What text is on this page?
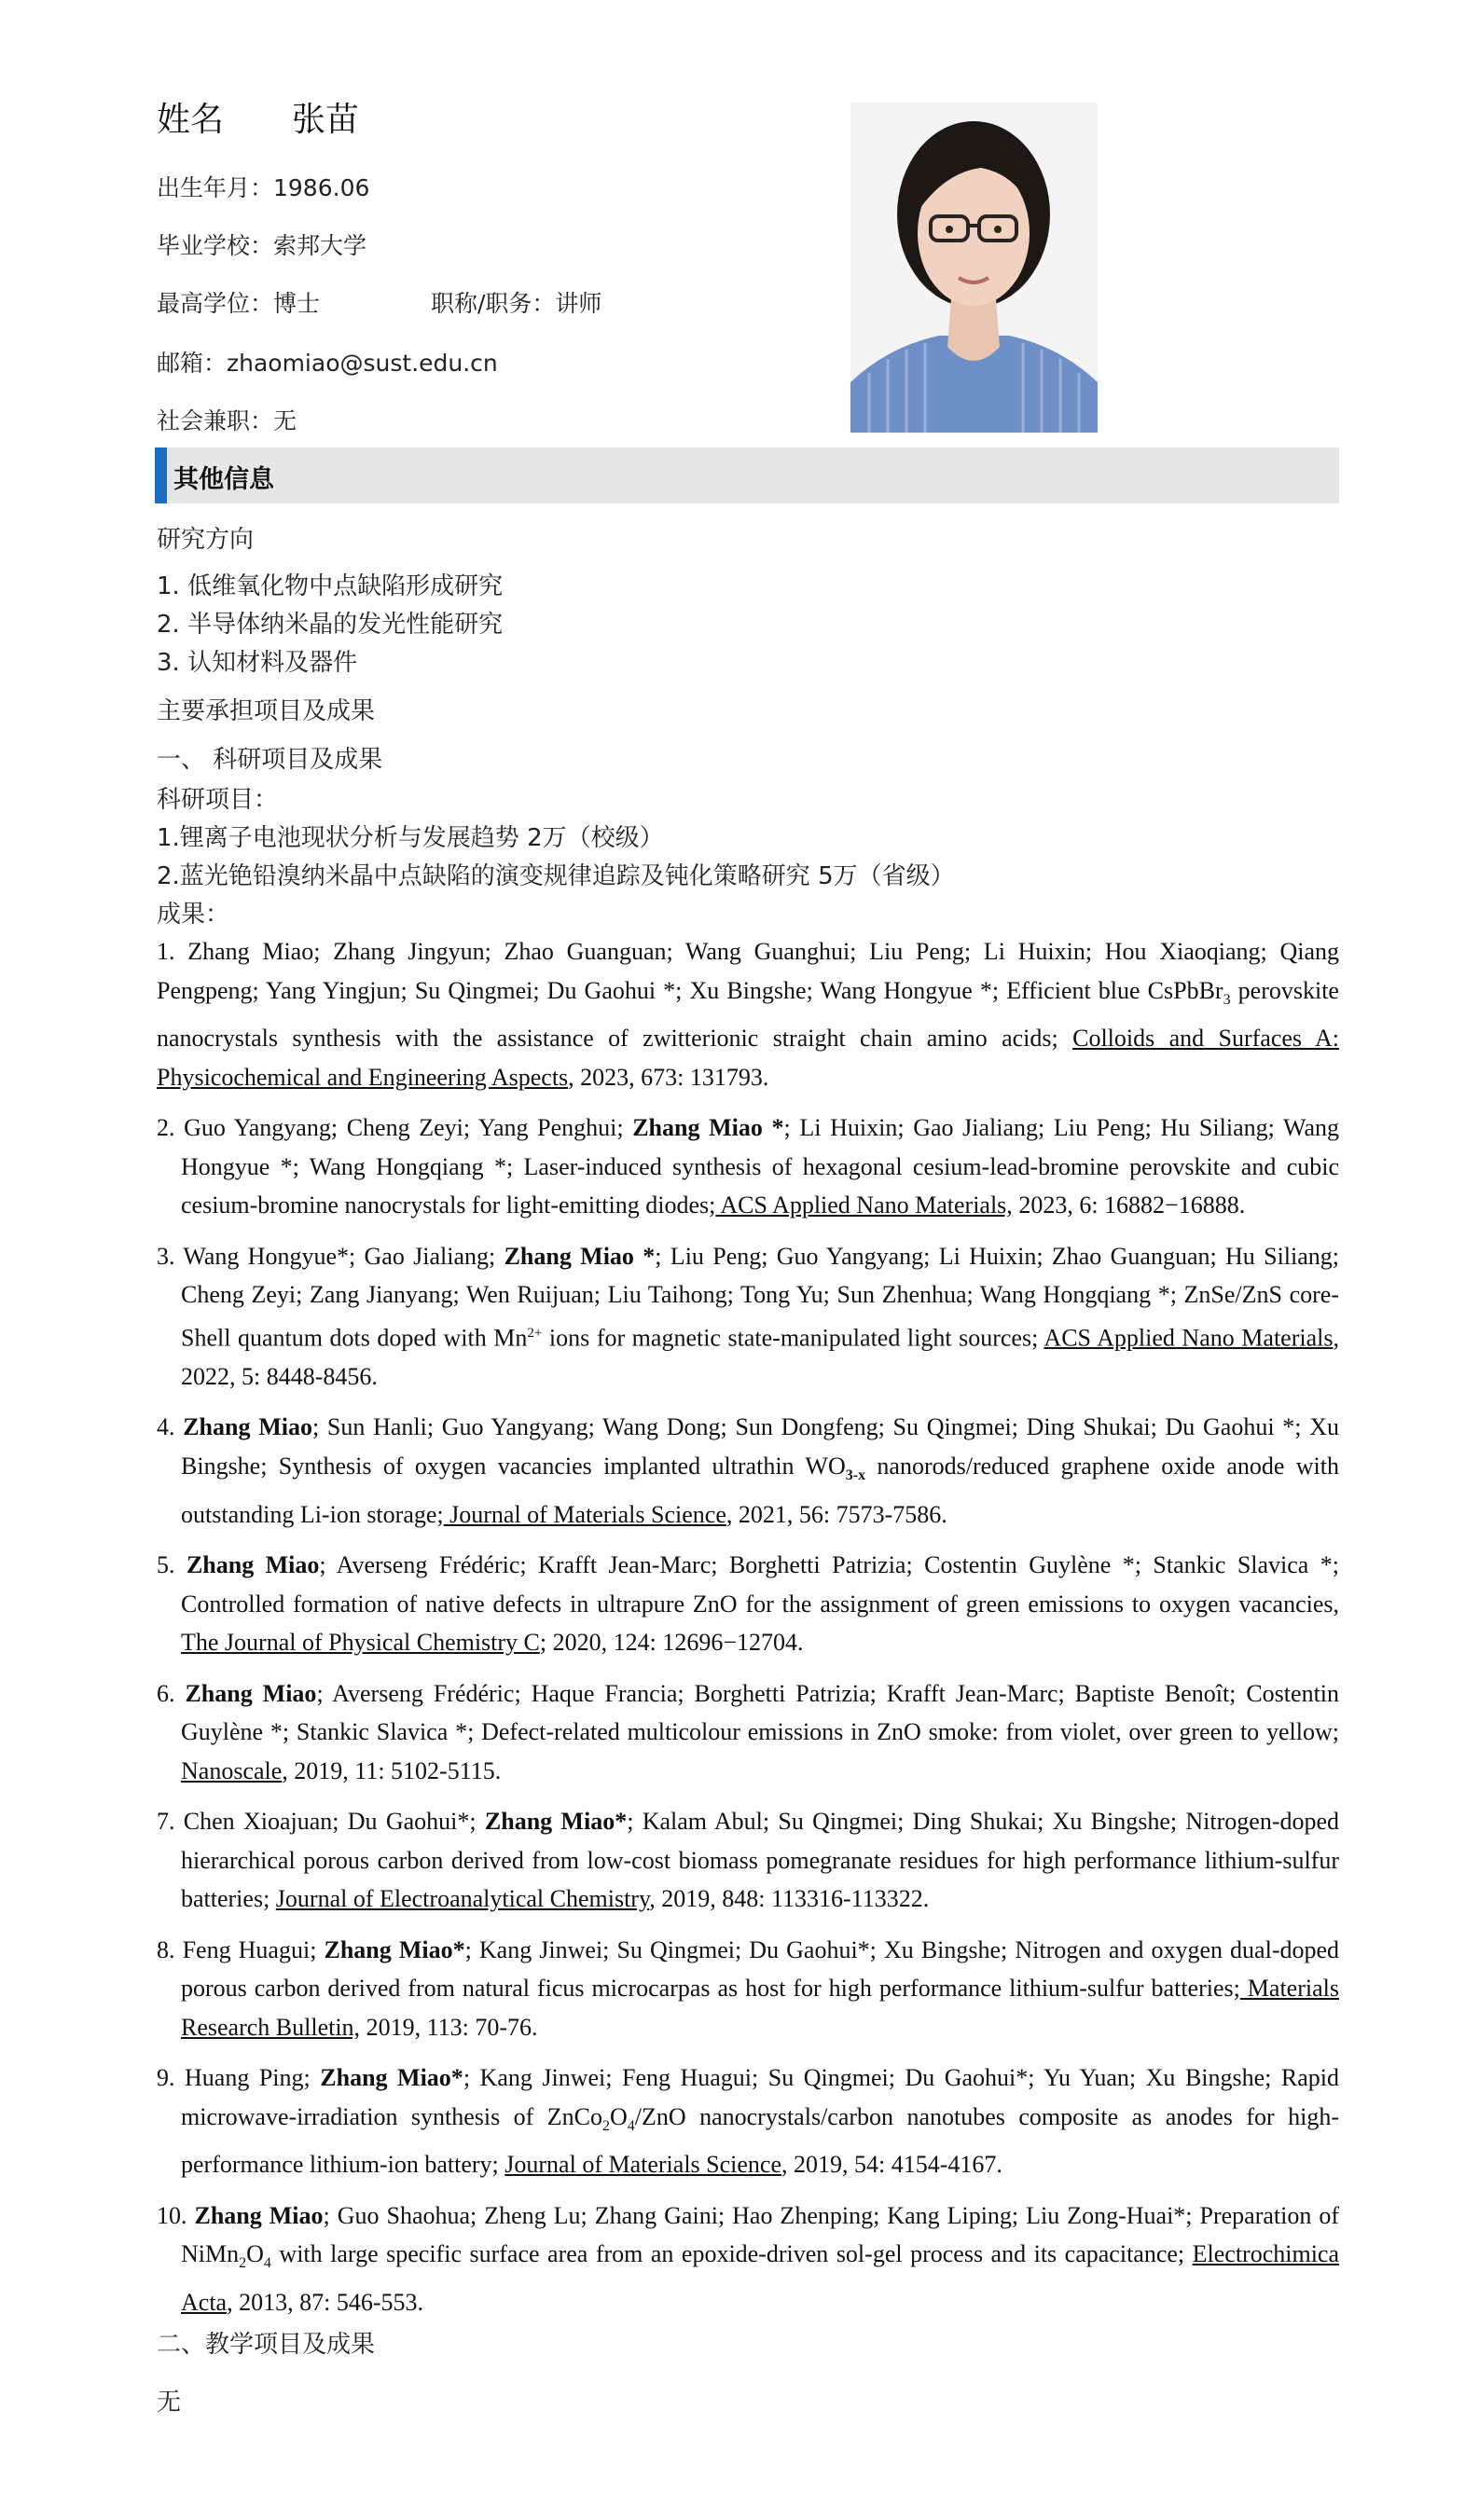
姓名 张苗
出生年月：1986.06
毕业学校：索邦大学
最高学位：博士	职称/职务：讲师
邮箱：zhaomiao@sust.edu.cn
社会兼职：无
其他信息
研究方向
1. 低维氧化物中点缺陷形成研究
2. 半导体纳米晶的发光性能研究
3. 认知材料及器件
主要承担项目及成果
一、 科研项目及成果
科研项目：
1.锂离子电池现状分析与发展趋势 2万（校级）
2.蓝光铯铅溴纳米晶中点缺陷的演变规律追踪及钝化策略研究 5万（省级）
成果：
1. Zhang Miao; Zhang Jingyun; Zhao Guanguan; Wang Guanghui; Liu Peng; Li Huixin; Hou Xiaoqiang; Qiang Pengpeng; Yang Yingjun; Su Qingmei; Du Gaohui *; Xu Bingshe; Wang Hongyue *; Efficient blue CsPbBr$_3$ perovskite nanocrystals synthesis with the assistance of zwitterionic straight chain amino acids; Colloids and Surfaces A: Physicochemical and Engineering Aspects, 2023, 673: 131793.
2. Guo Yangyang; Cheng Zeyi; Yang Penghui; Zhang Miao *; Li Huixin; Gao Jialiang; Liu Peng; Hu Siliang; Wang Hongyue *; Wang Hongqiang *; Laser-induced synthesis of hexagonal cesium-lead-bromine perovskite and cubic cesium-bromine nanocrystals for light-emitting diodes; ACS Applied Nano Materials, 2023, 6: 16882−16888.
3. Wang Hongyue*; Gao Jialiang; Zhang Miao *; Liu Peng; Guo Yangyang; Li Huixin; Zhao Guanguan; Hu Siliang; Cheng Zeyi; Zang Jianyang; Wen Ruijuan; Liu Taihong; Tong Yu; Sun Zhenhua; Wang Hongqiang *; ZnSe/ZnS core-Shell quantum dots doped with $Mn^{2+}$ ions for magnetic state-manipulated light sources; ACS Applied Nano Materials, 2022, 5: 8448-8456.
4. Zhang Miao; Sun Hanli; Guo Yangyang; Wang Dong; Sun Dongfeng; Su Qingmei; Ding Shukai; Du Gaohui *; Xu Bingshe; Synthesis of oxygen vacancies implanted ultrathin $WO_{3-x}$ nanorods/reduced graphene oxide anode with outstanding Li-ion storage; Journal of Materials Science, 2021, 56: 7573-7586.
5. Zhang Miao; Averseng Frédéric; Krafft Jean-Marc; Borghetti Patrizia; Costentin Guylène *; Stankic Slavica *; Controlled formation of native defects in ultrapure ZnO for the assignment of green emissions to oxygen vacancies, The Journal of Physical Chemistry C; 2020, 124: 12696−12704.
6. Zhang Miao; Averseng Frédéric; Haque Francia; Borghetti Patrizia; Krafft Jean-Marc; Baptiste Benoît; Costentin Guylène *; Stankic Slavica *; Defect-related multicolour emissions in ZnO smoke: from violet, over green to yellow; Nanoscale, 2019, 11: 5102-5115.
7. Chen Xioajuan; Du Gaohui*; Zhang Miao*; Kalam Abul; Su Qingmei; Ding Shukai; Xu Bingshe; Nitrogen-doped hierarchical porous carbon derived from low-cost biomass pomegranate residues for high performance lithium-sulfur batteries; Journal of Electroanalytical Chemistry, 2019, 848: 113316-113322.
8. Feng Huagui; Zhang Miao*; Kang Jinwei; Su Qingmei; Du Gaohui*; Xu Bingshe; Nitrogen and oxygen dual-doped porous carbon derived from natural ficus microcarpas as host for high performance lithium-sulfur batteries; Materials Research Bulletin, 2019, 113: 70-76.
9. Huang Ping; Zhang Miao*; Kang Jinwei; Feng Huagui; Su Qingmei; Du Gaohui*; Yu Yuan; Xu Bingshe; Rapid microwave-irradiation synthesis of $ZnCo_2O_4$/ZnO nanocrystals/carbon nanotubes composite as anodes for high-performance lithium-ion battery; Journal of Materials Science, 2019, 54: 4154-4167.
10. Zhang Miao; Guo Shaohua; Zheng Lu; Zhang Gaini; Hao Zhenping; Kang Liping; Liu Zong-Huai*; Preparation of $NiMn_2O_4$ with large specific surface area from an epoxide-driven sol-gel process and its capacitance; Electrochimica Acta, 2013, 87: 546-553.
二、教学项目及成果
无
